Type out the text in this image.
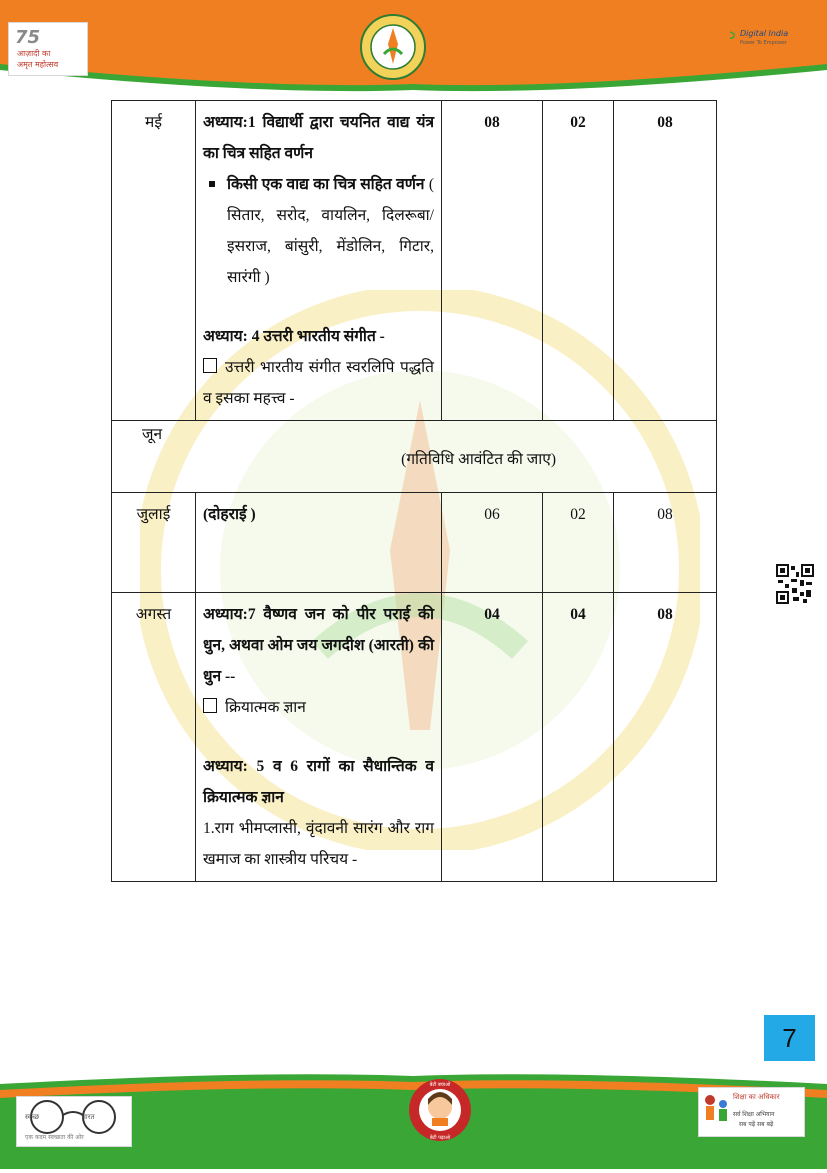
75
आज़ादी का
अमृत महोत्सव
Digital India
Power To Empower
मई	अध्याय:1 विद्यार्थी द्वारा चयनित वाद्य यंत्र का चित्र सहित वर्णन
किसी एक वाद्य का चित्र सहित वर्णन ( सितार, सरोद, वायलिन, दिलरूबा/इसराज, बांसुरी, मेंडोलिन, गिटार, सारंगी )
अध्याय: 4 उत्तरी भारतीय संगीत -
उत्तरी भारतीय संगीत स्वरलिपि पद्धति व इसका महत्त्व -	08	02	08

जून
(गतिविधि आवंटित की जाए)				

जुलाई	(दोहराई )	06	02	08
अगस्त	अध्याय:7 वैष्णव जन को पीर पराई की धुन, अथवा ओम जय जगदीश (आरती) की धुन --
क्रियात्मक ज्ञान
अध्याय: 5 व 6 रागों का सैधान्तिक व क्रियात्मक ज्ञान
1.राग भीमप्लासी, वृंदावनी सारंग और राग खमाज का शास्त्रीय परिचय -	04	04	08
7
स्वच्छ	भारत
एक कदम स्वच्छता की ओर
बेटी बचाओ
बेटी पढ़ाओ
शिक्षा का अधिकार
सर्व शिक्षा अभियान
सब पढ़ें सब बढ़ें
